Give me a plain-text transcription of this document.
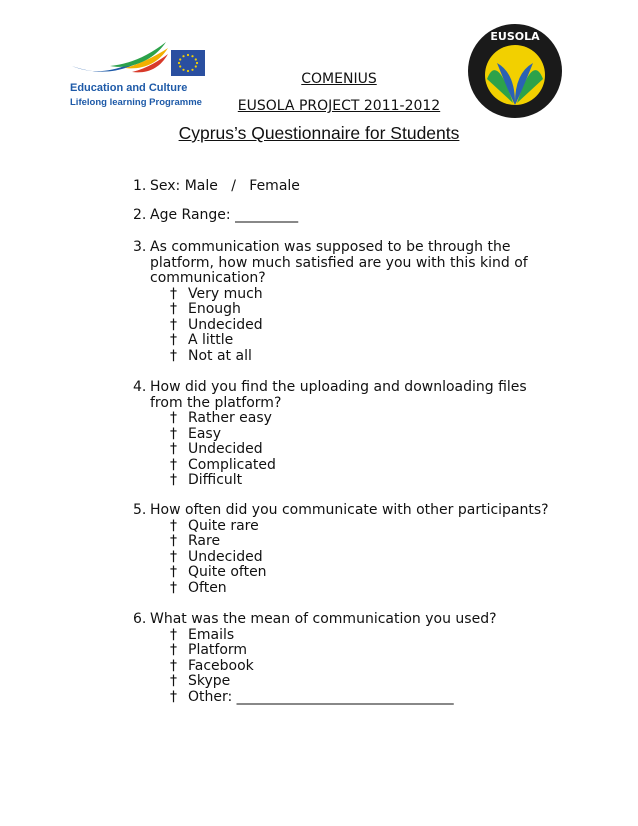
Education and Culture
Lifelong learning Programme
EUSOLA
COMENIUS
EUSOLA PROJECT 2011-2012
Cyprus’s Questionnaire for Students
1. Sex: Male   /   Female
2. Age Range: _________
3. As communication was supposed to be through the
platform, how much satisfied are you with this kind of
communication?
† Very much
† Enough
† Undecided
† A little
† Not at all
4. How did you find the uploading and downloading files
from the platform?
† Rather easy
† Easy
† Undecided
† Complicated
† Difficult
5. How often did you communicate with other participants?
† Quite rare
† Rare
† Undecided
† Quite often
† Often
6. What was the mean of communication you used?
† Emails
† Platform
† Facebook
† Skype
† Other: _______________________________
